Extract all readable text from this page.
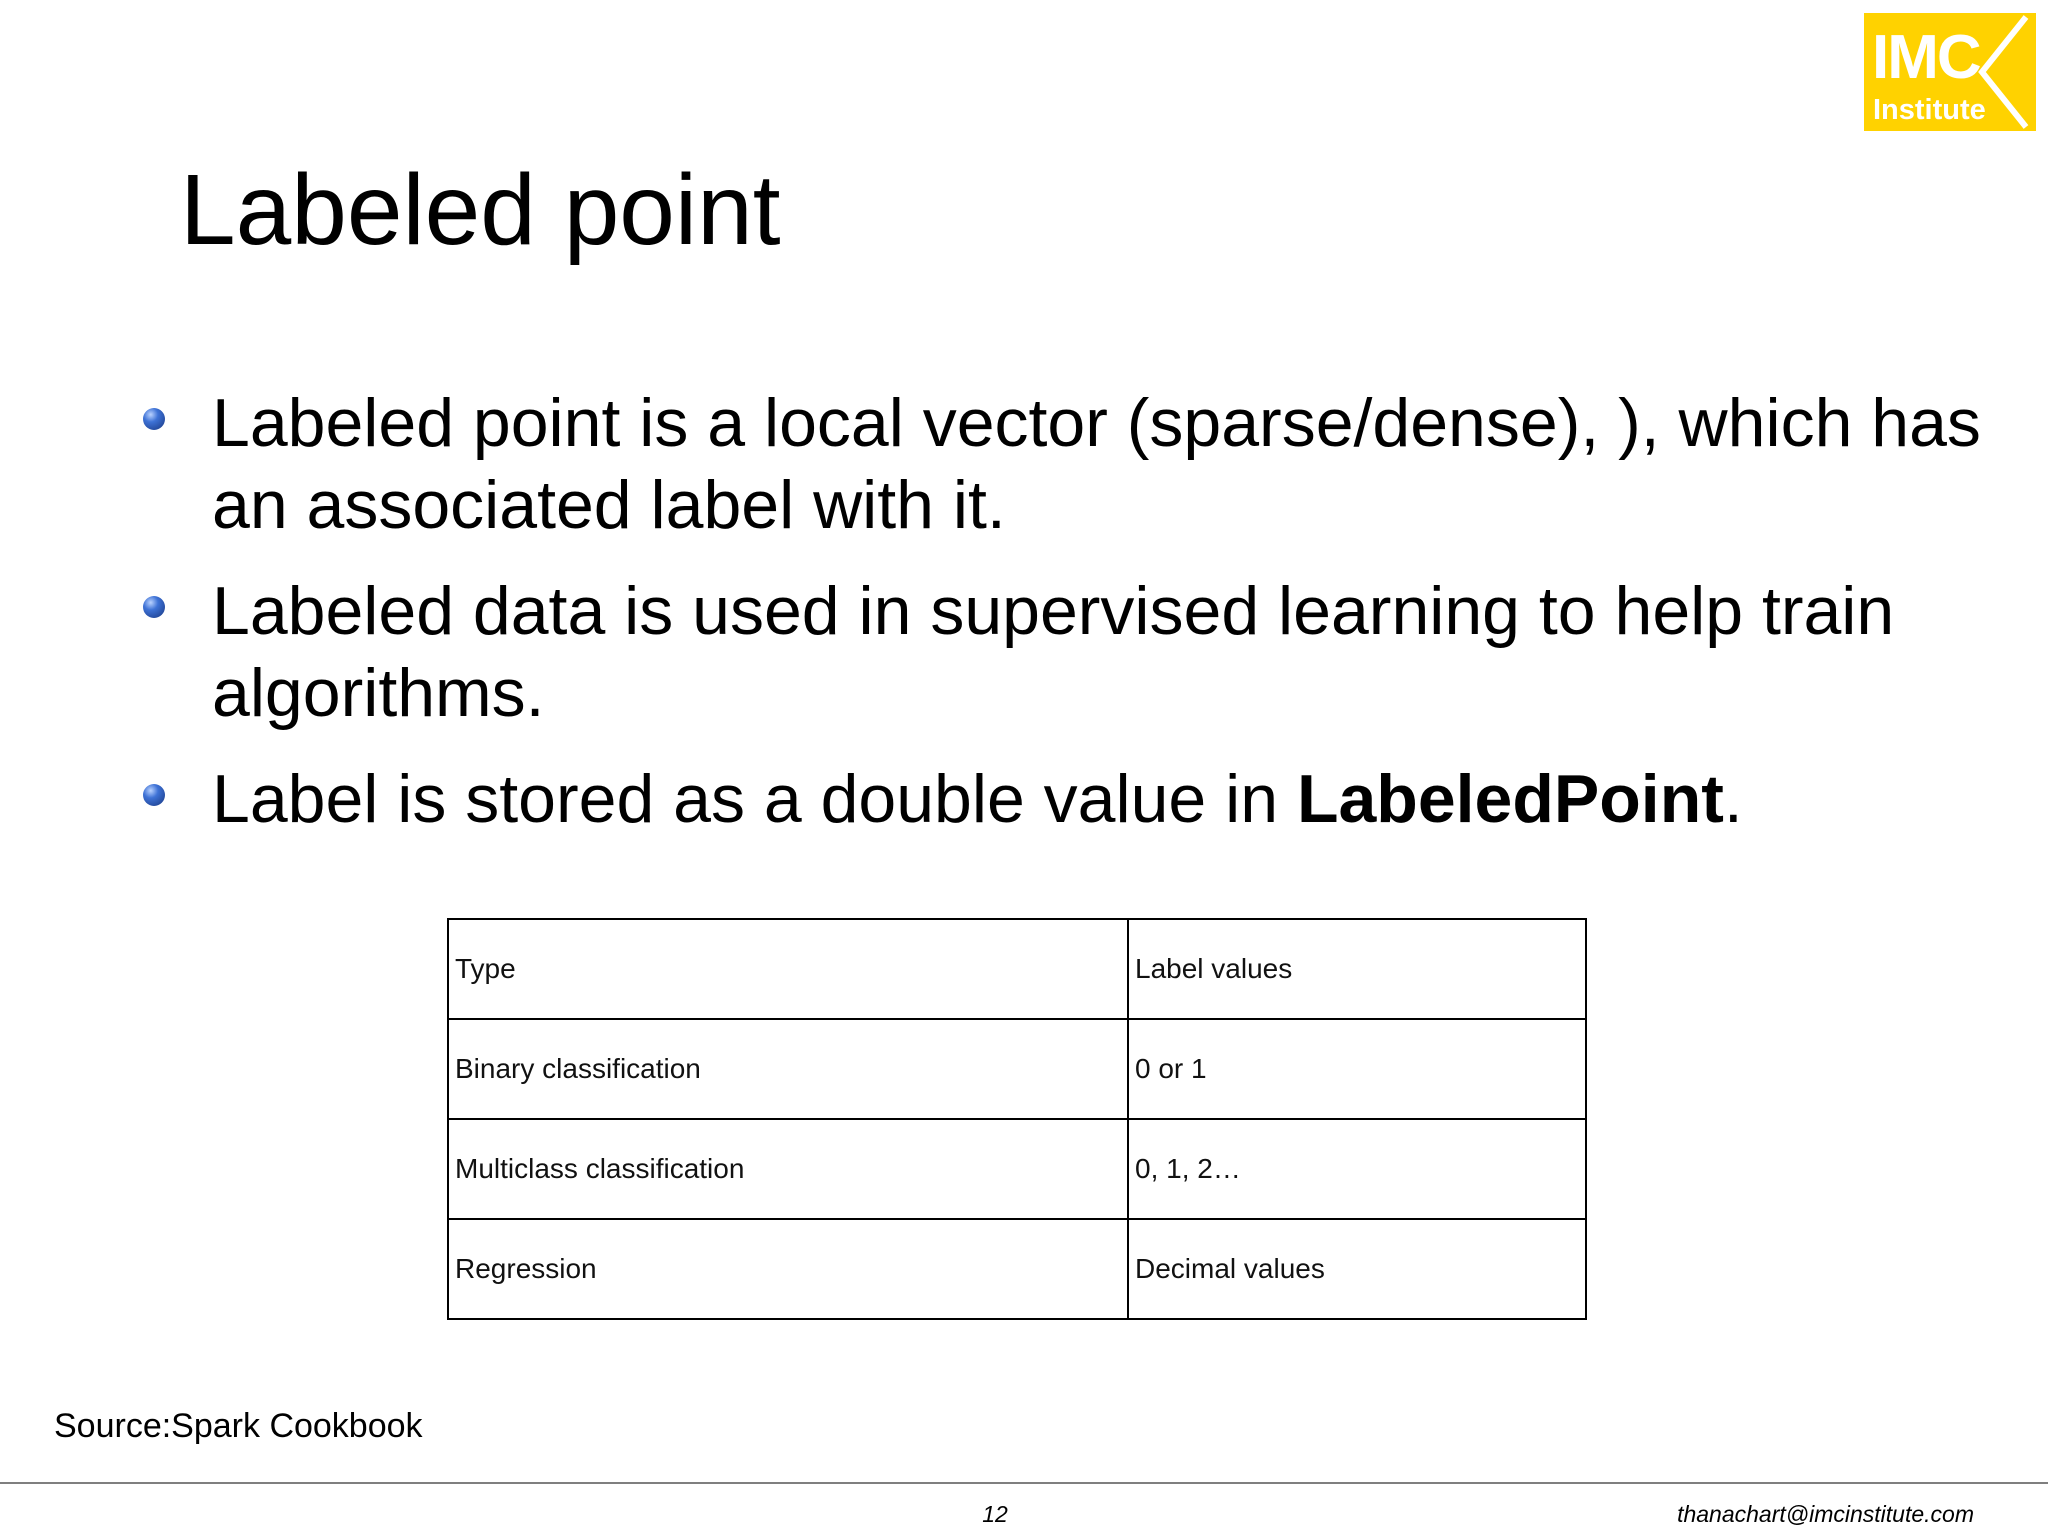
IMC
Institute
Labeled point
Labeled point is a local vector (sparse/dense), ), which has an associated label with it.
Labeled data is used in supervised learning to help train algorithms.
Label is stored as a double value in LabeledPoint.
Type	Label values
Binary classification	0 or 1
Multiclass classification	0, 1, 2…
Regression	Decimal values
Source:Spark Cookbook
12	thanachart@imcinstitute.com
